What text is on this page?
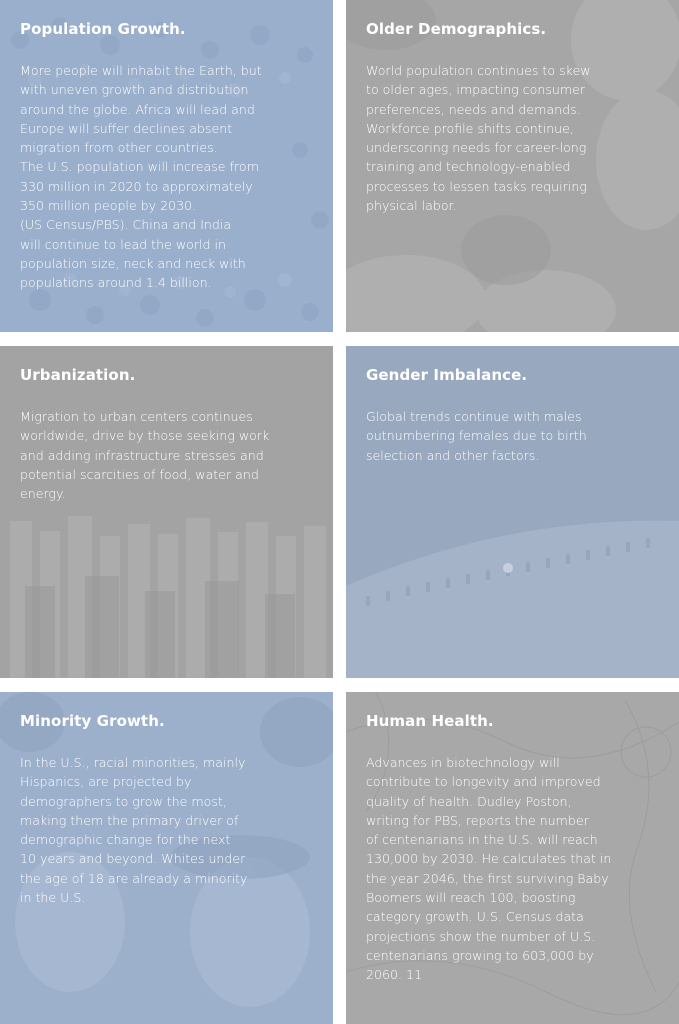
Population Growth.
More people will inhabit the Earth, but
with uneven growth and distribution
around the globe. Africa will lead and
Europe will suffer declines absent
migration from other countries.
The U.S. population will increase from
330 million in 2020 to approximately
350 million people by 2030.
(US Census/PBS). China and India
will continue to lead the world in
population size, neck and neck with
populations around 1.4 billion.
Older Demographics.
World population continues to skew
to older ages, impacting consumer
preferences, needs and demands.
Workforce profile shifts continue,
underscoring needs for career-long
training and technology-enabled
processes to lessen tasks requiring
physical labor.
Urbanization.
Migration to urban centers continues
worldwide, drive by those seeking work
and adding infrastructure stresses and
potential scarcities of food, water and
energy.
Gender Imbalance.
Global trends continue with males
outnumbering females due to birth
selection and other factors.
Minority Growth.
In the U.S., racial minorities, mainly
Hispanics, are projected by
demographers to grow the most,
making them the primary driver of
demographic change for the next
10 years and beyond. Whites under
the age of 18 are already a minority
in the U.S.
Human Health.
Advances in biotechnology will
contribute to longevity and improved
quality of health. Dudley Poston,
writing for PBS, reports the number
of centenarians in the U.S. will reach
130,000 by 2030. He calculates that in
the year 2046, the first surviving Baby
Boomers will reach 100, boosting
category growth. U.S. Census data
projections show the number of U.S.
centenarians growing to 603,000 by
2060. 11
